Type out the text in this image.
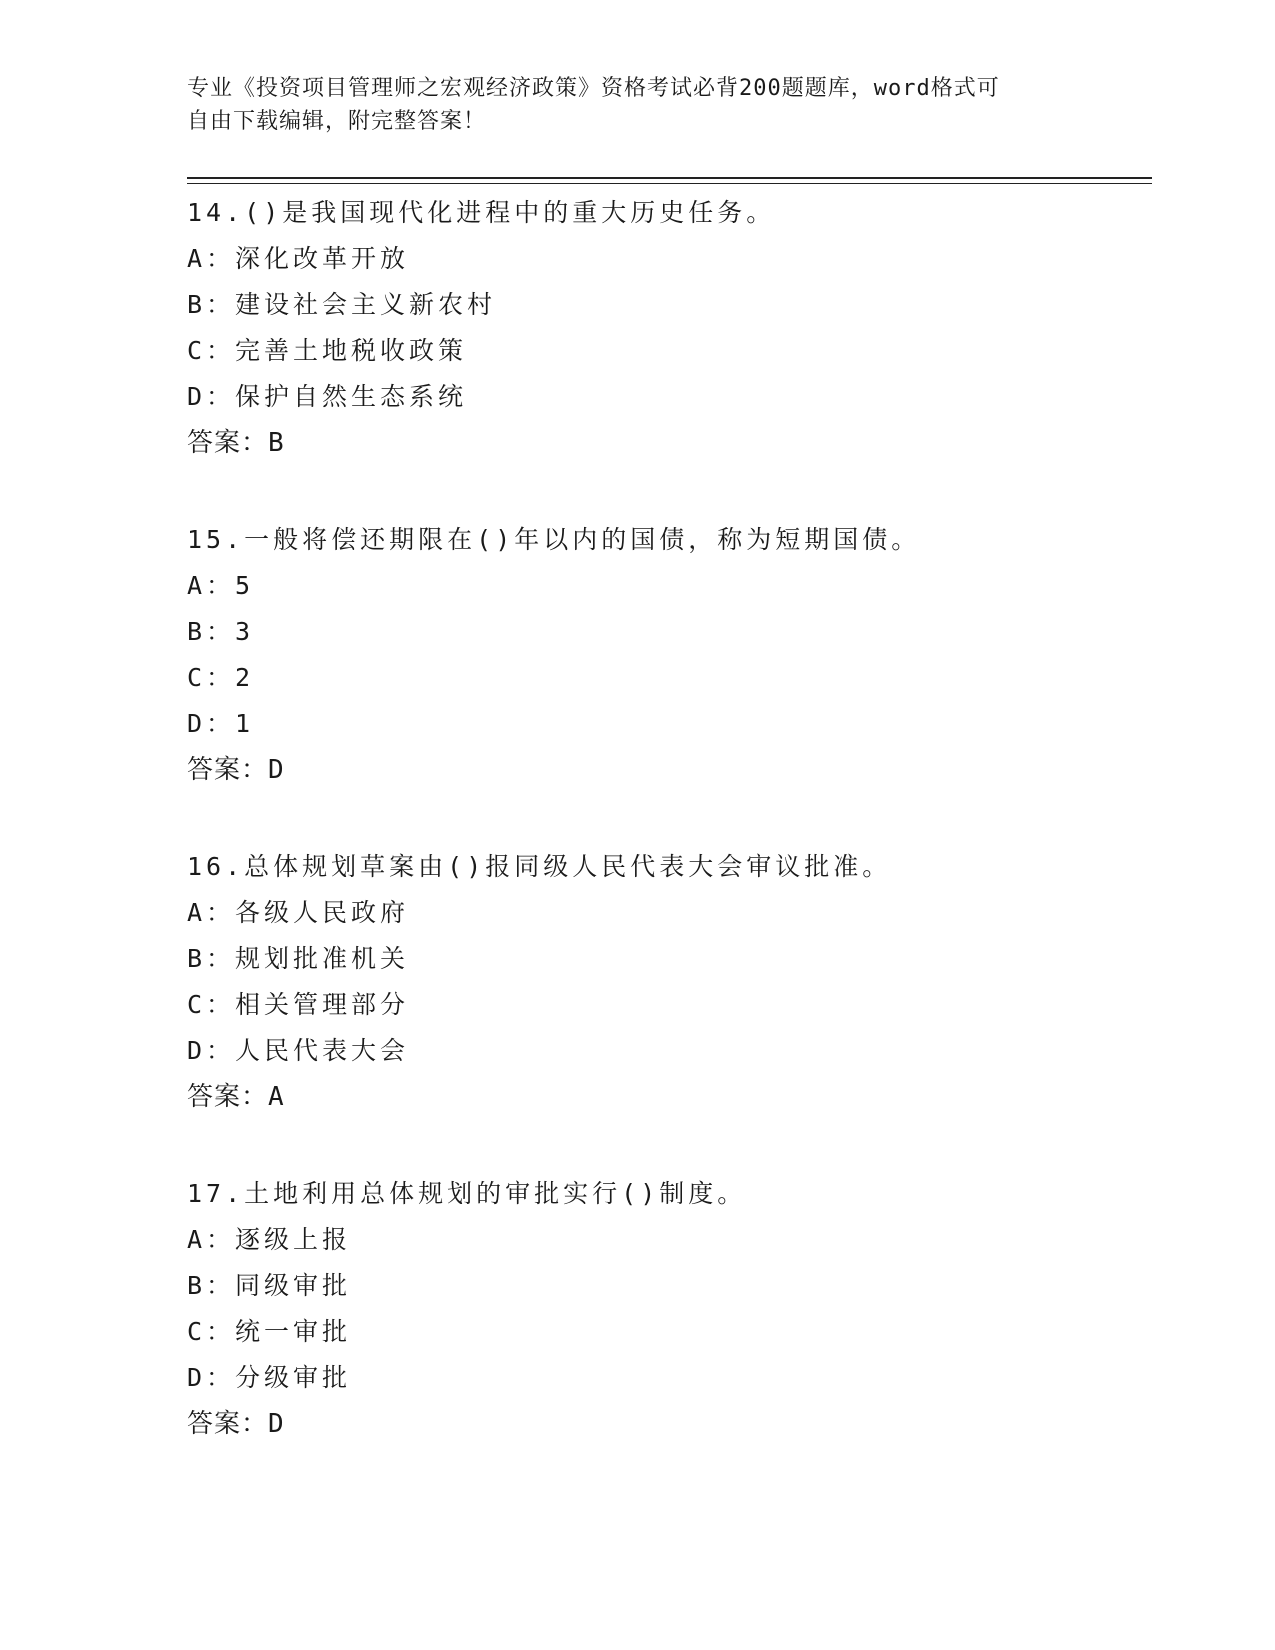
专业《投资项目管理师之宏观经济政策》资格考试必背200题题库，word格式可
自由下载编辑，附完整答案！
14.()是我国现代化进程中的重大历史任务。
A：深化改革开放
B：建设社会主义新农村
C：完善土地税收政策
D：保护自然生态系统
答案：B
15.一般将偿还期限在()年以内的国债，称为短期国债。
A：5
B：3
C：2
D：1
答案：D
16.总体规划草案由()报同级人民代表大会审议批准。
A：各级人民政府
B：规划批准机关
C：相关管理部分
D：人民代表大会
答案：A
17.土地利用总体规划的审批实行()制度。
A：逐级上报
B：同级审批
C：统一审批
D：分级审批
答案：D
